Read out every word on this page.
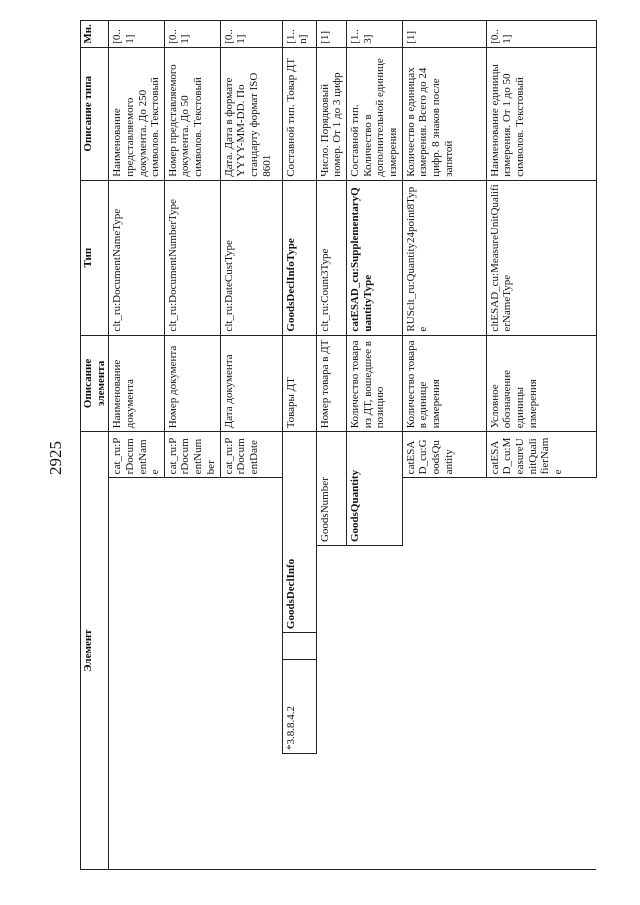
2925
Элемент						Описание элемента	Тип	Описание типа	Мн.
					cat_ru:PrDocumentName	Наименование документа	clt_ru:DocumentNameType	Наименование представляемого документа. До 250 символов. Текстовый	[0..1]
					cat_ru:PrDocumentNumber	Номер документа	clt_ru:DocumentNumberType	Номер представляемого документа. До 50 символов. Текстовый	[0..1]
					cat_ru:PrDocumentDate	Дата документа	clt_ru:DateCustType	Дата. Дата в формате YYYY-MM-DD. По стандарту формат ISO 8601	[0..1]
	*3.8.8.4.2		GoodsDeclInfo			Товары ДТ	GoodsDeclInfoType	Составной тип. Товар ДТ	[1..n]
				GoodsNumber		Номер товара в ДТ	clt_ru:Count3Type	Число. Порядковый номер. От 1 до 3 цифр	[1]
				GoodsQuantity		Количество товара из ДТ, вошедшее в позицию	catESAD_cu:SupplementaryQuantityType	Составной тип. Количество в дополнительной единице измерения	[1..3]
					catESAD_cu:GoodsQuantity	Количество товара в единице измерения	RUSclt_ru:Quantity24point8Type	Количество в единицах измерения. Всего до 24 цифр. 8 знаков после запятой	[1]
					catESAD_cu:MeasureUnitQualifierName	Условное обозначение единицы измерения	cltESAD_cu:MeasureUnitQualifierNameType	Наименование единицы измерения. От 1 до 50 символов. Текстовый	[0..1]
